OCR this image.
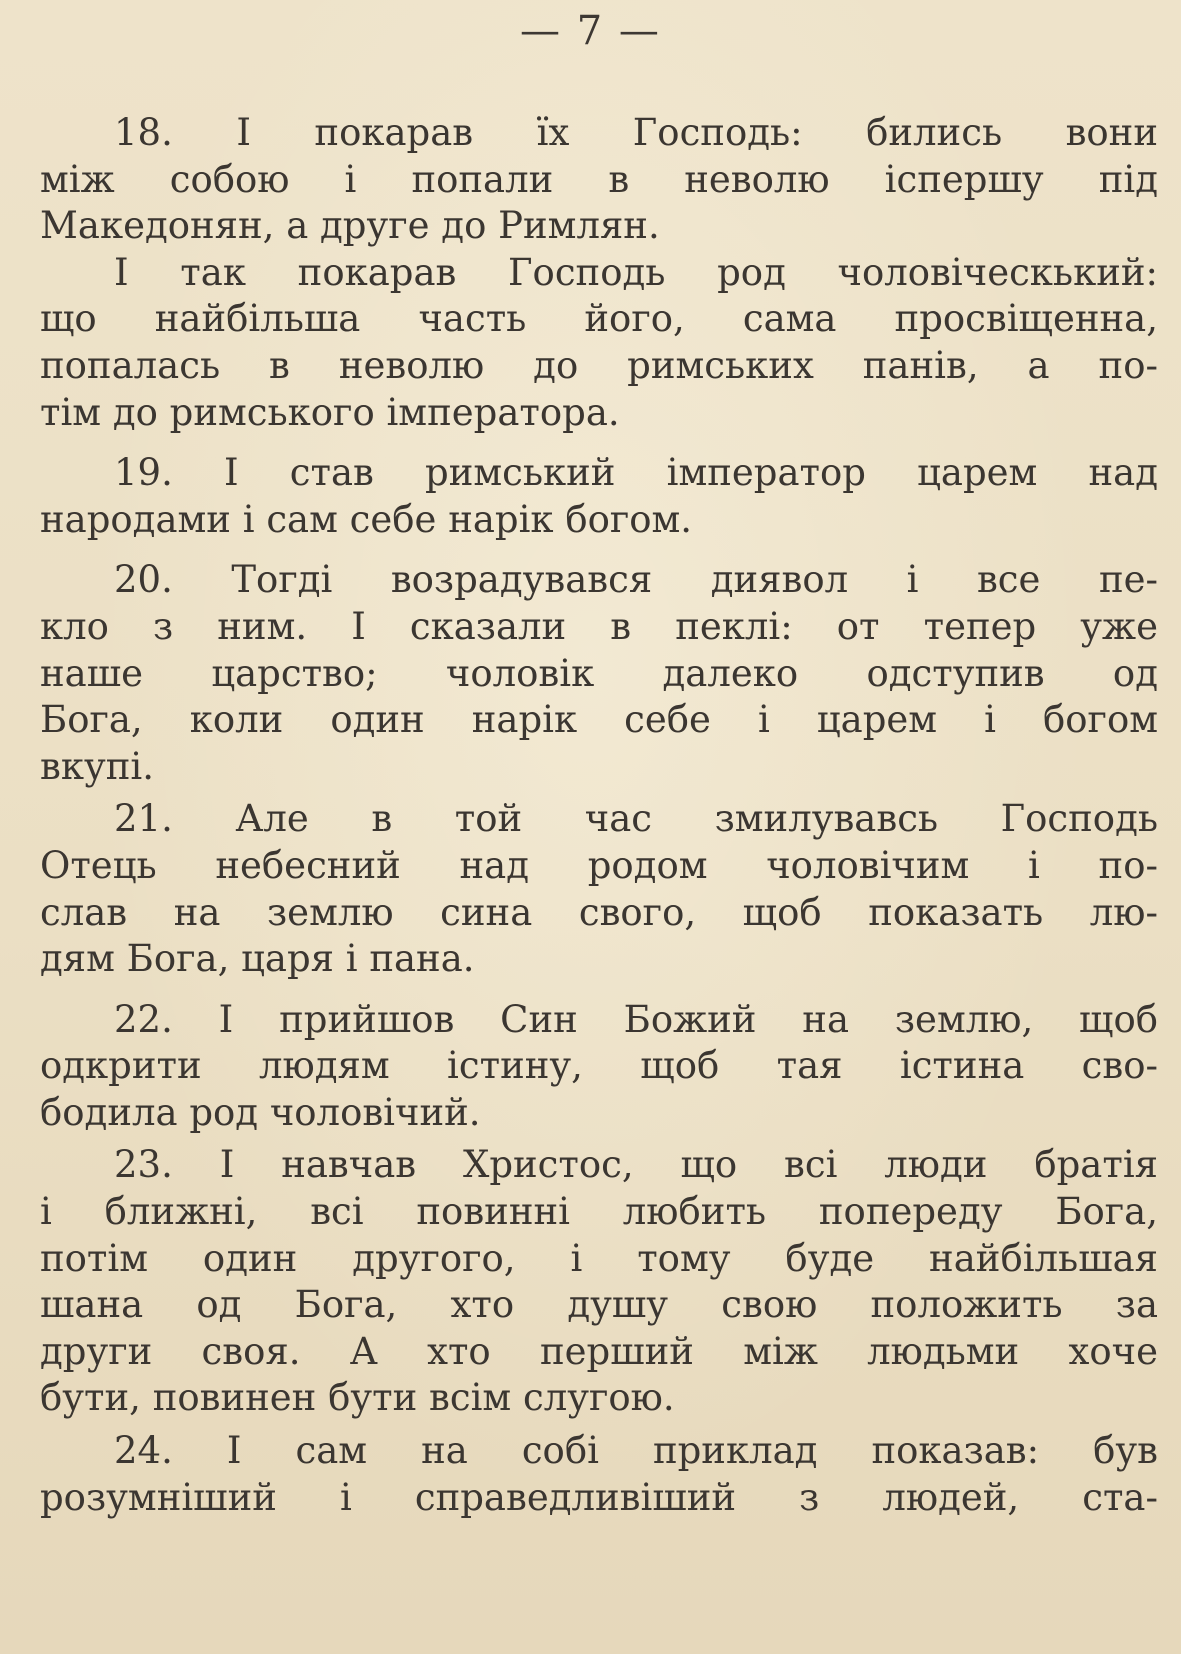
— 7 —
18. І покарав їх Господь: бились вони
між собою і попали в неволю іспершу під
Македонян, а друге до Римлян.
І так покарав Господь род чоловіческький:
що найбільша часть його, сама просвіщенна,
попалась в неволю до римських панів, а по-
тім до римського імператора.
19. І став римський імператор царем над
народами і сам себе нарік богом.
20. Тогді возрадувався диявол і все пе-
кло з ним. І сказали в пеклі: от тепер уже
наше царство; чоловік далеко одступив од
Бога, коли один нарік себе і царем і богом
вкупі.
21. Але в той час змилувавсь Господь
Отець небесний над родом чоловічим і по-
слав на землю сина свого, щоб показать лю-
дям Бога, царя і пана.
22. І прийшов Син Божий на землю, щоб
одкрити людям істину, щоб тая істина сво-
бодила род чоловічий.
23. І навчав Христос, що всі люди братія
і ближні, всі повинні любить попереду Бога,
потім один другого, і тому буде найбільшая
шана од Бога, хто душу свою положить за
други своя. А хто перший між людьми хоче
бути, повинен бути всім слугою.
24. І сам на собі приклад показав: був
розумніший і справедливіший з людей, ста-
